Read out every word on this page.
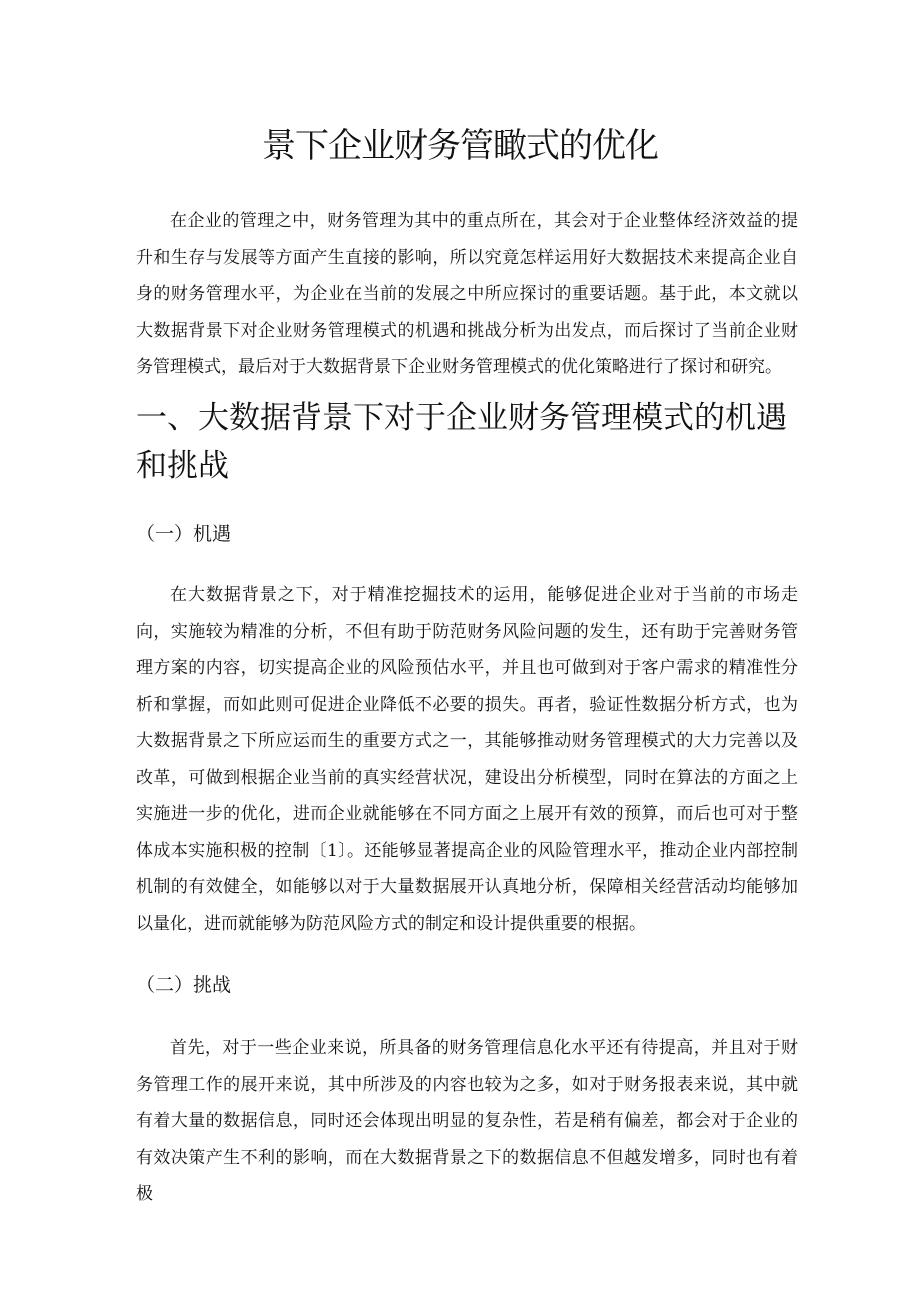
景下企业财务管瞰式的优化

在企业的管理之中，财务管理为其中的重点所在，其会对于企业整体经济效益的提升和生存与发展等方面产生直接的影响，所以究竟怎样运用好大数据技术来提高企业自身的财务管理水平，为企业在当前的发展之中所应探讨的重要话题。基于此，本文就以大数据背景下对企业财务管理模式的机遇和挑战分析为出发点，而后探讨了当前企业财务管理模式，最后对于大数据背景下企业财务管理模式的优化策略进行了探讨和研究。

一、大数据背景下对于企业财务管理模式的机遇和挑战
（一）机遇

在大数据背景之下，对于精准挖掘技术的运用，能够促进企业对于当前的市场走向，实施较为精准的分析，不但有助于防范财务风险问题的发生，还有助于完善财务管理方案的内容，切实提高企业的风险预估水平，并且也可做到对于客户需求的精准性分析和掌握，而如此则可促进企业降低不必要的损失。再者，验证性数据分析方式，也为大数据背景之下所应运而生的重要方式之一，其能够推动财务管理模式的大力完善以及改革，可做到根据企业当前的真实经营状况，建设出分析模型，同时在算法的方面之上实施进一步的优化，进而企业就能够在不同方面之上展开有效的预算，而后也可对于整体成本实施积极的控制〔1〕。还能够显著提高企业的风险管理水平，推动企业内部控制机制的有效健全，如能够以对于大量数据展开认真地分析，保障相关经营活动均能够加以量化，进而就能够为防范风险方式的制定和设计提供重要的根据。

（二）挑战

首先，对于一些企业来说，所具备的财务管理信息化水平还有待提高，并且对于财务管理工作的展开来说，其中所涉及的内容也较为之多，如对于财务报表来说，其中就有着大量的数据信息，同时还会体现出明显的复杂性，若是稍有偏差，都会对于企业的有效决策产生不利的影响，而在大数据背景之下的数据信息不但越发增多，同时也有着极
